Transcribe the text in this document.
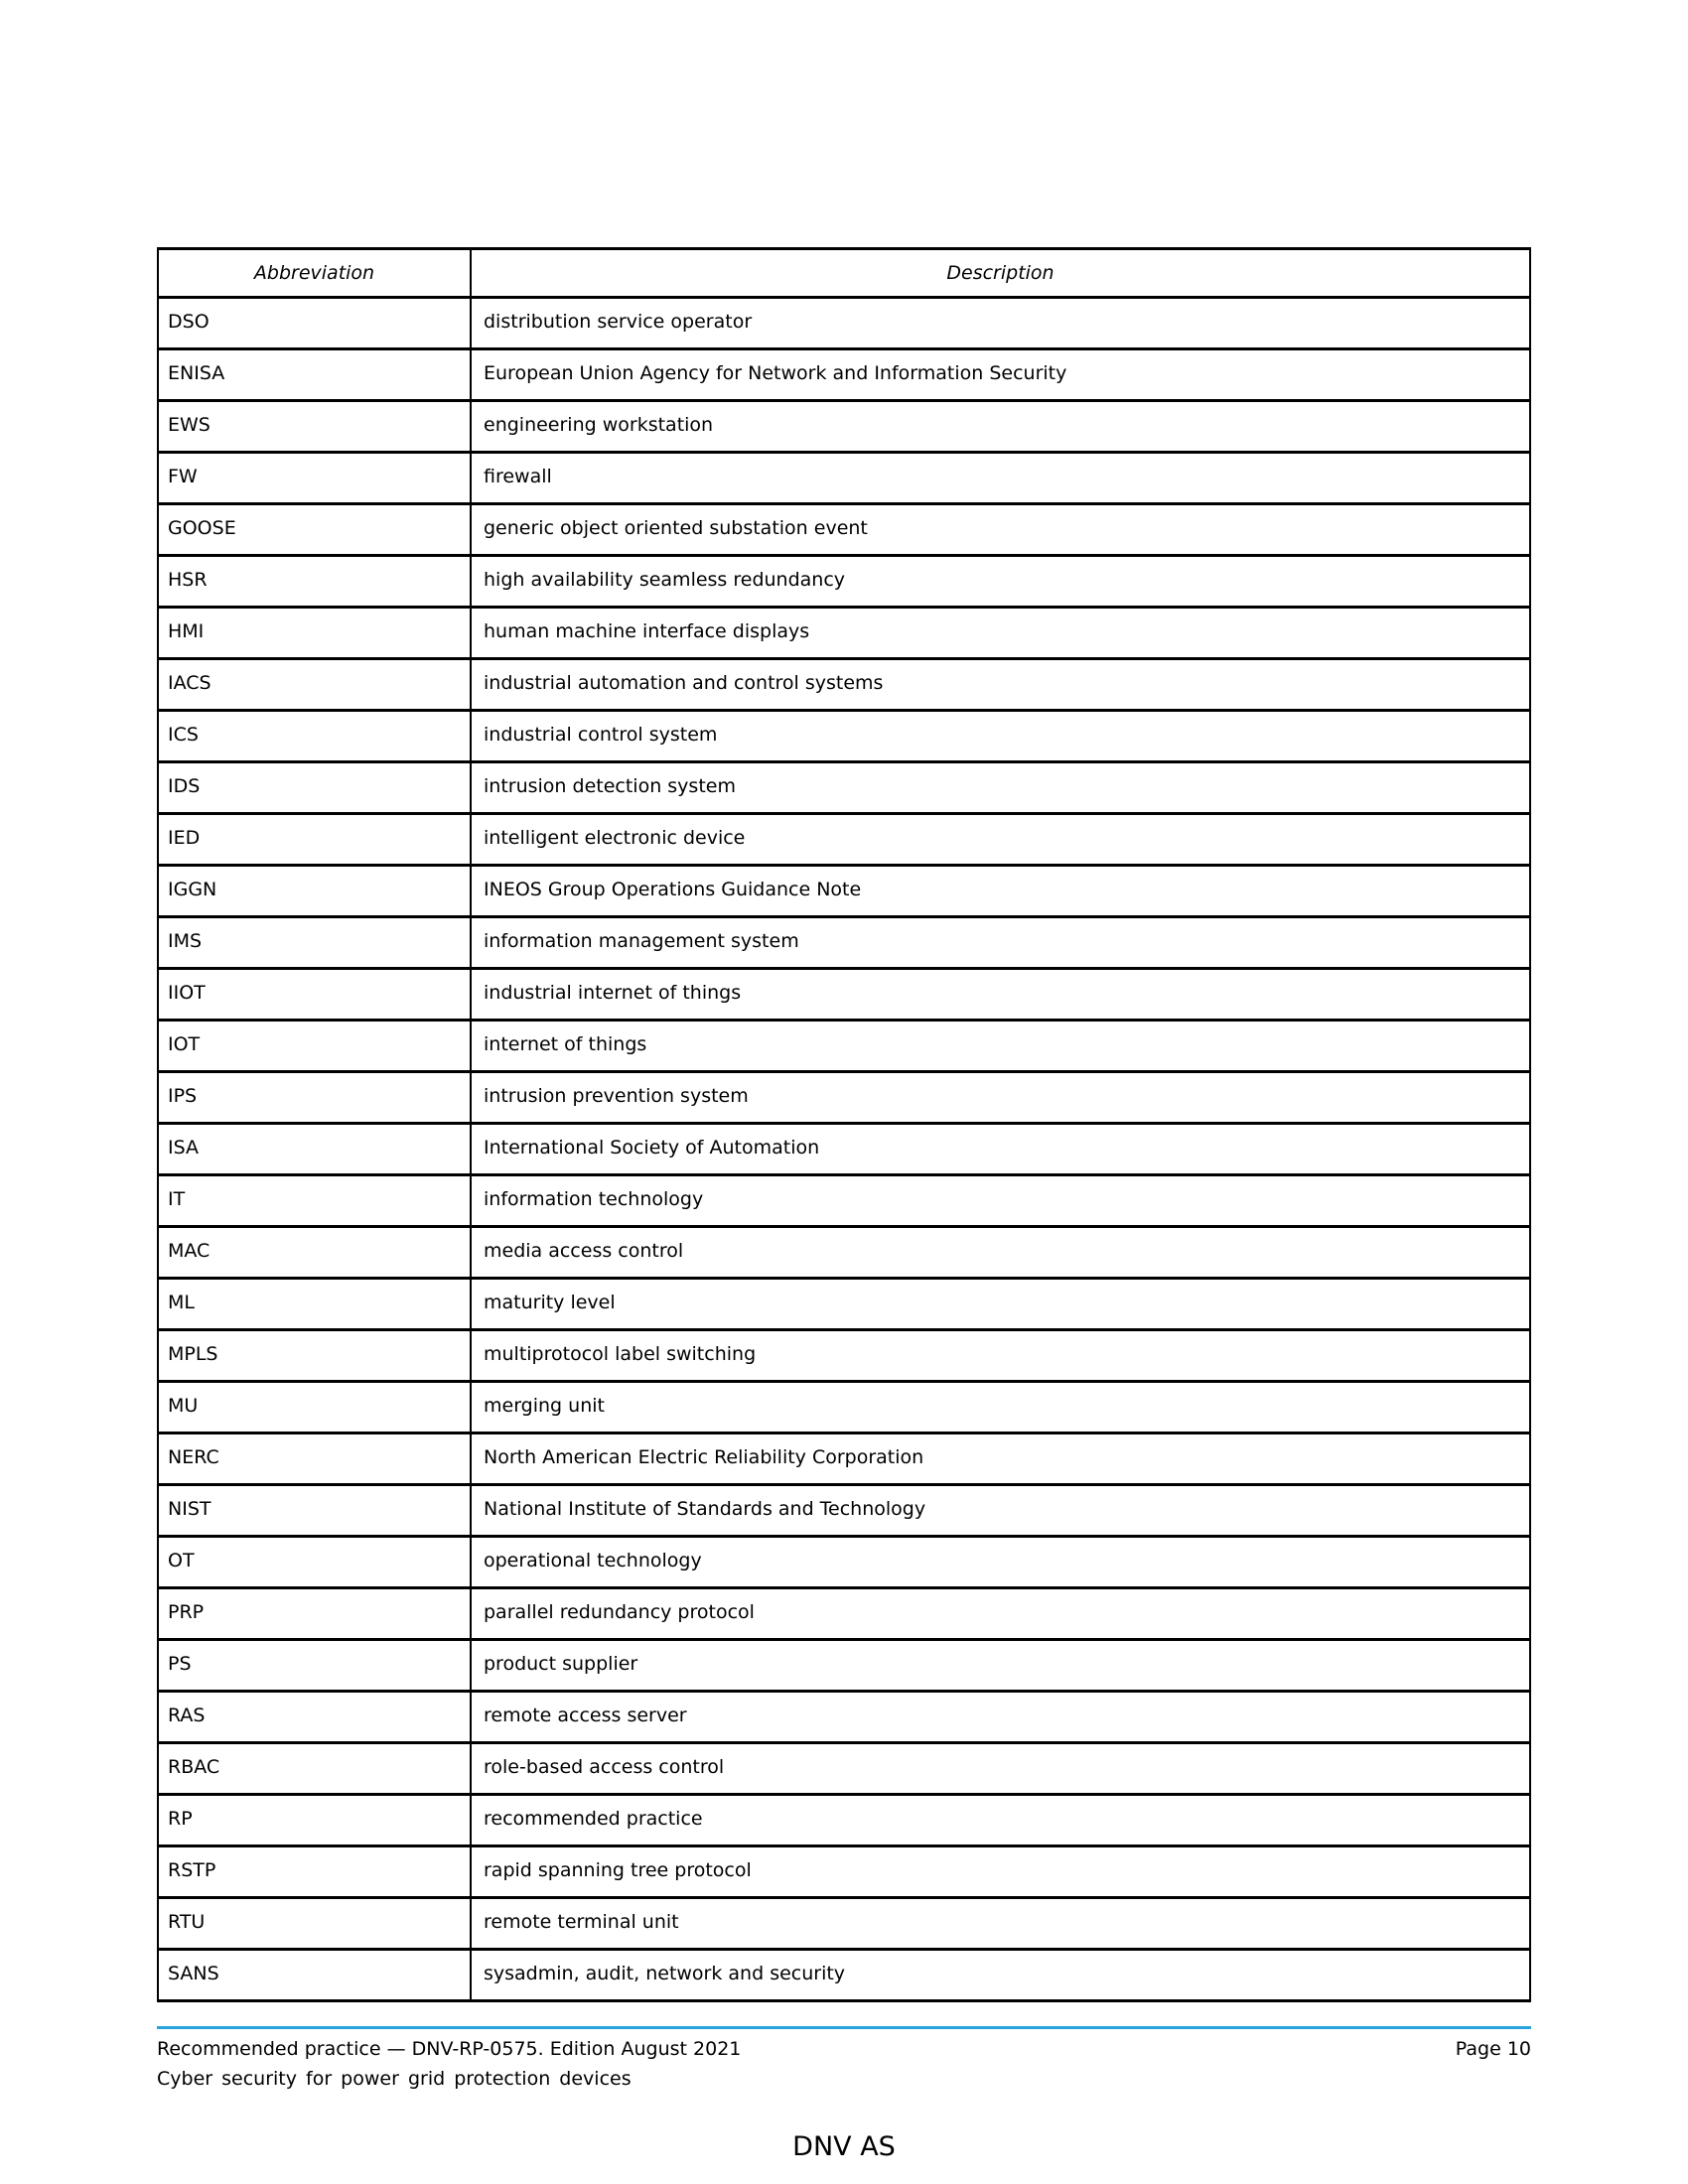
Abbreviation	Description
DSO	distribution service operator
ENISA	European Union Agency for Network and Information Security
EWS	engineering workstation
FW	firewall
GOOSE	generic object oriented substation event
HSR	high availability seamless redundancy
HMI	human machine interface displays
IACS	industrial automation and control systems
ICS	industrial control system
IDS	intrusion detection system
IED	intelligent electronic device
IGGN	INEOS Group Operations Guidance Note
IMS	information management system
IIOT	industrial internet of things
IOT	internet of things
IPS	intrusion prevention system
ISA	International Society of Automation
IT	information technology
MAC	media access control
ML	maturity level
MPLS	multiprotocol label switching
MU	merging unit
NERC	North American Electric Reliability Corporation
NIST	National Institute of Standards and Technology
OT	operational technology
PRP	parallel redundancy protocol
PS	product supplier
RAS	remote access server
RBAC	role-based access control
RP	recommended practice
RSTP	rapid spanning tree protocol
RTU	remote terminal unit
SANS	sysadmin, audit, network and security
Recommended practice — DNV-RP-0575. Edition August 2021	Page 10
Cyber security for power grid protection devices
DNV AS
